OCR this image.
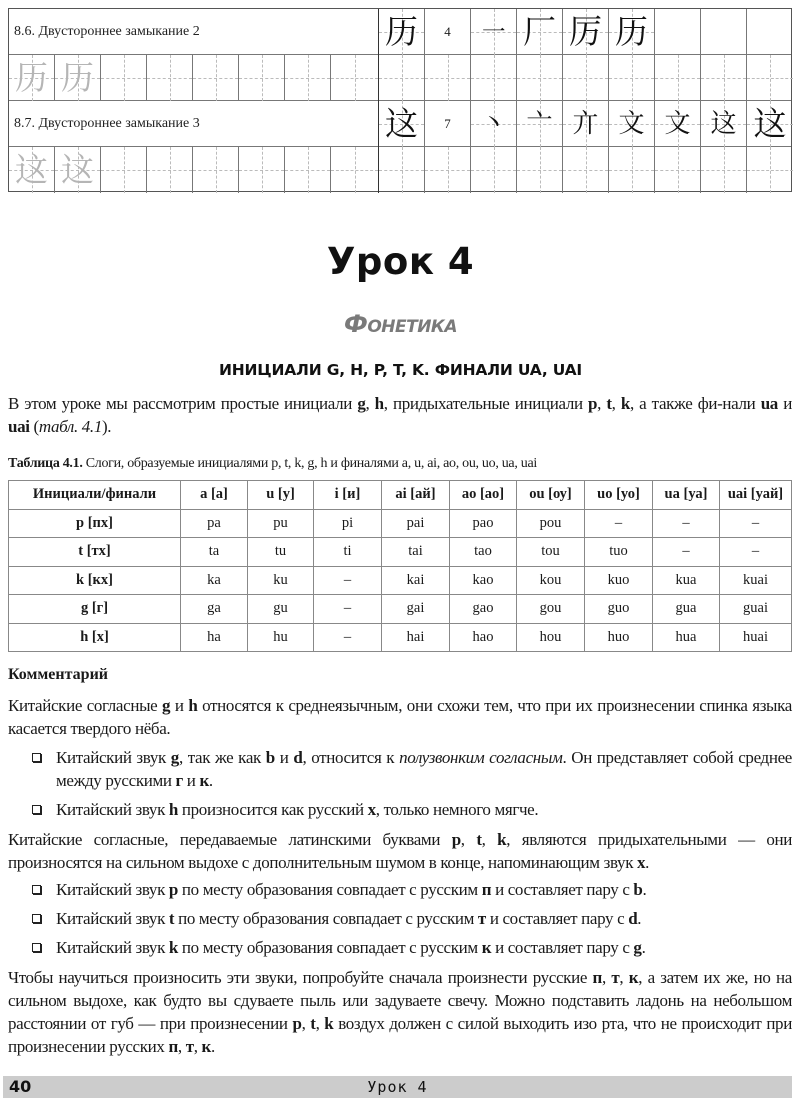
8.6. Двустороннее замыкание 2	历	4	㇐ 厂 厉 历
历 历
8.7. Двустороннее замыкание 3	这	7	丶 亠 亣 文 文 这 这
这 这
Урок 4
Фонетика
ИНИЦИАЛИ G, H, P, T, K. ФИНАЛИ UA, UAI

В этом уроке мы рассмотрим простые инициали g, h, придыхательные инициали p, t, k, а также фи-нали ua и uai (табл. 4.1).

Таблица 4.1. Слоги, образуемые инициалями p, t, k, g, h и финалями a, u, ai, ao, ou, uo, ua, uai
Инициали/финали	a [а]	u [у]	i [и]	ai [ай]	ao [ао]	ou [оу]	uo [уо]	ua [уа]	uai [уай]
p [пх]	pa	pu	pi	pai	pao	pou	–	–	–
t [тх]	ta	tu	ti	tai	tao	tou	tuo	–	–
k [кх]	ka	ku	–	kai	kao	kou	kuo	kua	kuai
g [г]	ga	gu	–	gai	gao	gou	guo	gua	guai
h [х]	ha	hu	–	hai	hao	hou	huo	hua	huai
Комментарий

Китайские согласные g и h относятся к среднеязычным, они схожи тем, что при их произнесении спинка языка касается твердого нёба.

Китайский звук g, так же как b и d, относится к полузвонким согласным. Он представляет собой среднее между русскими г и к.

Китайский звук h произносится как русский х, только немного мягче.

Китайские согласные, передаваемые латинскими буквами p, t, k, являются придыхательными — они произносятся на сильном выдохе с дополнительным шумом в конце, напоминающим звук х.

Китайский звук p по месту образования совпадает с русским п и составляет пару с b.

Китайский звук t по месту образования совпадает с русским т и составляет пару с d.

Китайский звук k по месту образования совпадает с русским к и составляет пару с g.

Чтобы научиться произносить эти звуки, попробуйте сначала произнести русские п, т, к, а затем их же, но на сильном выдохе, как будто вы сдуваете пыль или задуваете свечу. Можно подставить ладонь на небольшом расстоянии от губ — при произнесении p, t, k воздух должен с силой выходить изо рта, что не происходит при произнесении русских п, т, к.

40	Урок 4
